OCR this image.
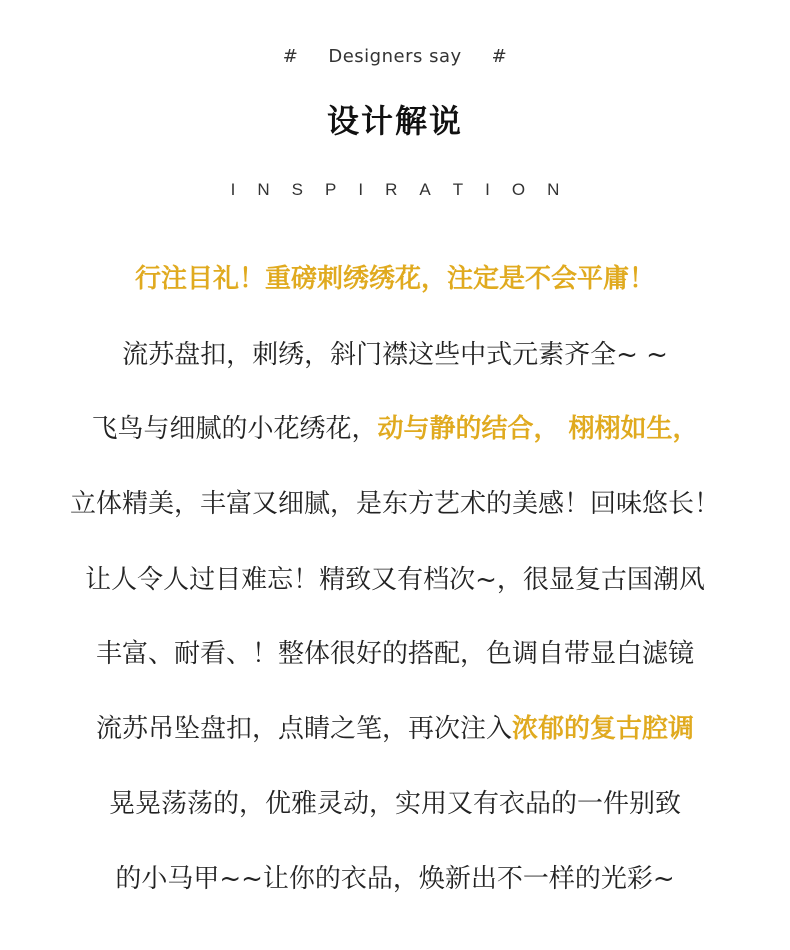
# Designers say #
设计解说
I N S P I R A T I O N
行注目礼！重磅刺绣绣花，注定是不会平庸！
流苏盘扣，刺绣，斜门襟这些中式元素齐全~ ~
飞鸟与细腻的小花绣花，动与静的结合， 栩栩如生，
立体精美，丰富又细腻，是东方艺术的美感！回味悠长！
让人令人过目难忘！精致又有档次~，很显复古国潮风
丰富、耐看、！整体很好的搭配，色调自带显白滤镜
流苏吊坠盘扣，点睛之笔，再次注入浓郁的复古腔调
晃晃荡荡的，优雅灵动，实用又有衣品的一件别致
的小马甲~~让你的衣品，焕新出不一样的光彩~
